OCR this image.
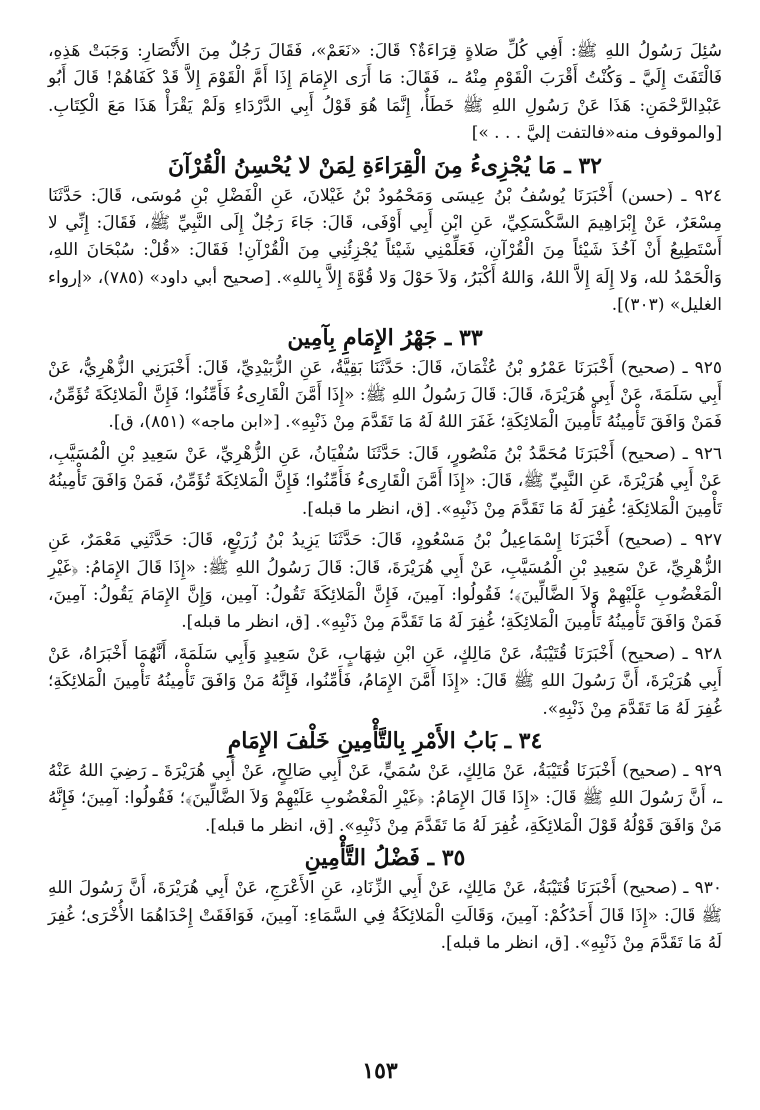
سُئِلَ رَسُولُ اللهِ ﷺ: أَفِي كُلِّ صَلاةٍ قِرَاءَةٌ؟ قَالَ: «نَعَمْ»، فَقَالَ رَجُلٌ مِنَ الأَنْصَارِ: وَجَبَتْ هَذِهِ، فَالْتَفَتَ إِلَيَّ ـ وَكُنْتُ أَقْرَبَ الْقَوْمِ مِنْهُ ـ، فَقَالَ: مَا أَرَى الإِمَامَ إِذَا أَمَّ الْقَوْمَ إِلاَّ قَدْ كَفَاهُمْ! قَالَ أَبُو عَبْدِالرَّحْمَنِ: هَذَا عَنْ رَسُولِ اللهِ ﷺ خَطَأٌ، إِنَّمَا هُوَ قَوْلُ أَبِي الدَّرْدَاءِ وَلَمْ يَقْرَأْ هَذَا مَعَ الْكِتَابِ. [والموقوف منه«فالتفت إليَّ . . . »]

٣٢ ـ مَا يُجْزِىءُ مِنَ الْقِرَاءَةِ لِمَنْ لا يُحْسِنُ الْقُرْآنَ

٩٢٤ ـ (حسن) أَخْبَرَنَا يُوسُفُ بْنُ عِيسَى وَمَحْمُودُ بْنُ غَيْلانَ، عَنِ الْفَضْلِ بْنِ مُوسَى، قَالَ: حَدَّثَنَا مِسْعَرٌ، عَنْ إِبْرَاهِيمَ السَّكْسَكِيِّ، عَنِ ابْنِ أَبِي أَوْفَى، قَالَ: جَاءَ رَجُلٌ إِلَى النَّبِيِّ ﷺ، فَقَالَ: إِنِّي لا أَسْتَطِيعُ أَنْ آخُذَ شَيْئاً مِنَ الْقُرْآنِ، فَعَلِّمْنِي شَيْئاً يُجْزِئُنِي مِنَ الْقُرْآنِ! فَقَالَ: «قُلْ: سُبْحَانَ اللهِ، وَالْحَمْدُ لله، وَلا إِلَهَ إِلاَّ اللهُ، وَاللهُ أَكْبَرُ، وَلاَ حَوْلَ وَلا قُوَّةَ إِلاَّ بِاللهِ». [صحيح أبي داود» (٧٨٥)، «إرواء الغليل» (٣٠٣)].

٣٣ ـ جَهْرُ الإِمَامِ بِآمِين

٩٢٥ ـ (صحيح) أَخْبَرَنَا عَمْرُو بْنُ عُثْمَانَ، قَالَ: حَدَّثَنَا بَقِيَّةُ، عَنِ الزُّبَيْدِيِّ، قَالَ: أَخْبَرَنِي الزُّهْرِيُّ، عَنْ أَبِي سَلَمَةَ، عَنْ أَبِي هُرَيْرَةَ، قَالَ: قَالَ رَسُولُ اللهِ ﷺ: «إِذَا أَمَّنَ الْقَارِىءُ فَأَمِّنُوا؛ فَإِنَّ الْمَلائِكَةَ تُؤَمِّنُ، فَمَنْ وَافَقَ تَأْمِينُهُ تَأْمِينَ الْمَلائِكَةِ؛ غَفَرَ اللهُ لَهُ مَا تَقَدَّمَ مِنْ ذَنْبِهِ». [«ابن ماجه» (٨٥١)، ق].

٩٢٦ ـ (صحيح) أَخْبَرَنَا مُحَمَّدُ بْنُ مَنْصُورٍ، قَالَ: حَدَّثَنَا سُفْيَانُ، عَنِ الزُّهْرِيِّ، عَنْ سَعِيدِ بْنِ الْمُسَيَّبِ، عَنْ أَبِي هُرَيْرَةَ، عَنِ النَّبِيِّ ﷺ، قَالَ: «إِذَا أَمَّنَ الْقَارِىءُ فَأَمِّنُوا؛ فَإِنَّ الْمَلائِكَةَ تُؤَمِّنُ، فَمَنْ وَافَقَ تَأْمِينُهُ تَأْمِينَ الْمَلائِكَةِ؛ غُفِرَ لَهُ مَا تَقَدَّمَ مِنْ ذَنْبِهِ». [ق، انظر ما قبله].

٩٢٧ ـ (صحيح) أَخْبَرَنَا إِسْمَاعِيلُ بْنُ مَسْعُودٍ، قَالَ: حَدَّثَنَا يَزِيدُ بْنُ زُرَيْعٍ، قَالَ: حَدَّثَنِي مَعْمَرٌ، عَنِ الزُّهْرِيِّ، عَنْ سَعِيدِ بْنِ الْمُسَيَّبِ، عَنْ أَبِي هُرَيْرَةَ، قَالَ: قَالَ رَسُولُ اللهِ ﷺ: «إِذَا قَالَ الإِمَامُ: ﴿غَيْرِ الْمَغْضُوبِ عَلَيْهِمْ وَلاَ الضَّالِّينَ﴾؛ فَقُولُوا: آمِينَ، فَإِنَّ الْمَلائِكَةَ تَقُولُ: آمِين، وَإِنَّ الإِمَامَ يَقُولُ: آمِينَ، فَمَنْ وَافَقَ تَأْمِينُهُ تَأْمِينَ الْمَلائِكَةِ؛ غُفِرَ لَهُ مَا تَقَدَّمَ مِنْ ذَنْبِهِ». [ق، انظر ما قبله].

٩٢٨ ـ (صحيح) أَخْبَرَنَا قُتَيْبَةُ، عَنْ مَالِكٍ، عَنِ ابْنِ شِهَابٍ، عَنْ سَعِيدٍ وَأَبِي سَلَمَةَ، أَنَّهُمَا أَخْبَرَاهُ، عَنْ أَبِي هُرَيْرَةَ، أَنَّ رَسُولَ اللهِ ﷺ قَالَ: «إِذَا أَمَّنَ الإِمَامُ، فَأَمِّنُوا، فَإِنَّهُ مَنْ وَافَقَ تَأْمِينُهُ تَأْمِينَ الْمَلائِكَةِ؛ غُفِرَ لَهُ مَا تَقَدَّمَ مِنْ ذَنْبِهِ».

٣٤ ـ بَابُ الأَمْرِ بِالتَّأْمِينِ خَلْفَ الإِمَامِ

٩٢٩ ـ (صحيح) أَخْبَرَنَا قُتَيْبَةُ، عَنْ مَالِكٍ، عَنْ سُمَيٍّ، عَنْ أَبِي صَالِحٍ، عَنْ أَبِي هُرَيْرَةَ ـ رَضِيَ اللهُ عَنْهُ ـ، أَنَّ رَسُولَ اللهِ ﷺ قَالَ: «إِذَا قَالَ الإِمَامُ: ﴿غَيْرِ الْمَغْضُوبِ عَلَيْهِمْ وَلاَ الضَّالِّينَ﴾؛ فَقُولُوا: آمِينَ؛ فَإِنَّهُ مَنْ وَافَقَ قَوْلُهُ قَوْلَ الْمَلائِكَةِ، غُفِرَ لَهُ مَا تَقَدَّمَ مِنْ ذَنْبِهِ». [ق، انظر ما قبله].

٣٥ ـ فَضْلُ التَّأْمِينِ

٩٣٠ ـ (صحيح) أَخْبَرَنَا قُتَيْبَةُ، عَنْ مَالِكٍ، عَنْ أَبِي الزِّنَادِ، عَنِ الأَعْرَجِ، عَنْ أَبِي هُرَيْرَةَ، أَنَّ رَسُولَ اللهِ ﷺ قَالَ: «إِذَا قَالَ أَحَدُكُمْ: آمِينَ، وَقَالَتِ الْمَلائِكَةُ فِي السَّمَاءِ: آمِينَ، فَوَافَقَتْ إِحْدَاهُمَا الأُخْرَى؛ غُفِرَ لَهُ مَا تَقَدَّمَ مِنْ ذَنْبِهِ». [ق، انظر ما قبله].

١٥٣
